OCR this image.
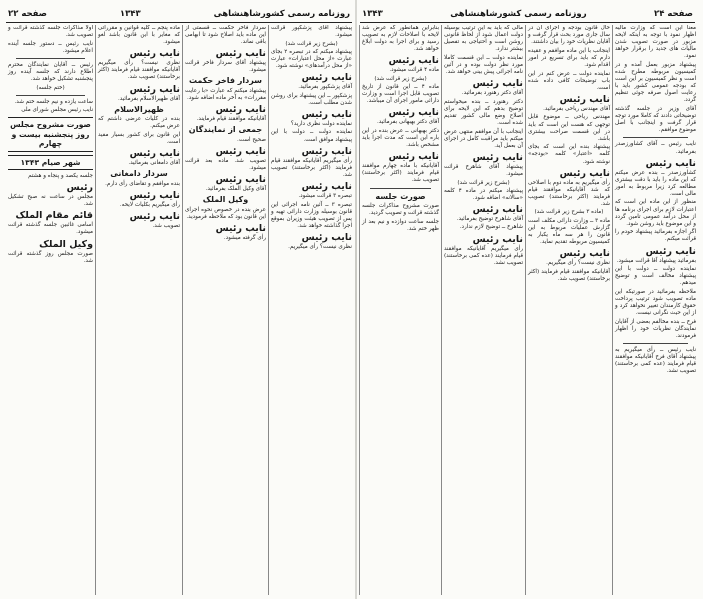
صفحه ۲۴
روزنامه رسمی کشورشاهنشاهی
۱۳۴۳
روزنامه رسمی کشورشاهنشاهی
۱۳۴۳
صفحه ۲۲
معنا این است که وزارت مالیه اظهار نمود با توجه به اینکه لایحه مزبور در صورت تصویب شدن مالیات های جدید را برقرار خواهد نمود.
پیشنهاد مزبور بعمل آمده و در کمیسیون مربوطه مطرح شده است و نظر کمیسیون بر این است که بودجه عمومی کشور باید با رعایت اصول صرفه جوئی تنظیم گردد.
آقای وزیر در جلسه گذشته توضیحاتی دادند که کاملا مورد توجه قرار گرفت و اینجانب با اصل موضوع موافقم.
نایب رئیس ــ آقای کشاورزصدر بفرمائید.
نایب رئیس
کشاورزصدر ــ بنده عرض میکنم که این ماده را باید با دقت بیشتری مطالعه کرد زیرا مربوط به امور مالی است.
منظور از این ماده این است که اعتبارات لازم برای اجرای برنامه ها از محل درآمد عمومی تامین گردد و این موضوع باید روشن شود.
اگر اجازه بفرمائید پیشنهاد خودم را قرائت میکنم.
نایب رئیس
بفرمائید پیشنهاد آقا قرائت میشود.
نماینده دولت ــ دولت با این پیشنهاد مخالف است و توضیح میدهم.
ملاحظه بفرمائید در صورتیکه این ماده تصویب شود ترتیب پرداخت حقوق کارمندان تغییر نخواهد کرد و از این حیث نگرانی نیست.
فرخ ــ بنده مخالفم بعضی از آقایان نمایندگان نظریات خود را اظهار فرمودند.
نایب رئیس ــ رأی میگیریم به پیشنهاد آقای فرخ آقایانیکه موافقند قیام فرمایند (عده کمی برخاستند) تصویب نشد.
حال قانون بودجه و اجرای آن در سال جاری مورد بحث قرار گرفت و آقایان نظریات خود را بیان داشتند.
اینجانب با این ماده موافقم و عقیده دارم که باید برای تسریع در امور اقدام شود.
نماینده دولت ــ عرض کنم در این باب توضیحات کافی داده شده است.
نایب رئیس
آقای مهندس ریاحی بفرمائید.
مهندس ریاحی ــ موضوع قابل توجهی که هست این است که باید در این قسمت صراحت بیشتری باشد.
پیشنهاد بنده این است که بجای کلمه «اعتبار» کلمه «بودجه» نوشته شود.
نایب رئیس
رأی میگیریم به ماده دوم با اصلاحی که شد آقایانیکه موافقند قیام فرمایند (اکثر برخاستند) تصویب شد.
(ماده ۳ بشرح زیر قرائت شد)
ماده ۳ ــ وزارت دارائی مکلف است گزارش عملیات مربوط به این قانون را هر سه ماه یکبار به کمیسیون مربوطه تقدیم نماید.
نایب رئیس
نظری نیست؟ رأی میگیریم.
آقایانیکه موافقند قیام فرمایند (اکثر برخاستند) تصویب شد.
مالی که باید به این ترتیب بوسیله دولت اعمال شود از لحاظ قانونی روشن است و احتیاجی به تفصیل بیشتر ندارد.
نماینده دولت ــ این قسمت کاملا مورد نظر دولت بوده و در آئین نامه اجرائی پیش بینی خواهد شد.
نایب رئیس
آقای دکتر رهنورد بفرمائید.
دکتر رهنورد ــ بنده میخواستم توضیح بدهم که این لایحه برای اصلاح وضع مالی کشور تقدیم شده است.
اینجانب با آن موافقم منتهی عرض میکنم باید مراقبت کامل در اجرای آن بعمل آید.
نایب رئیس
پیشنهاد آقای شاهرخ قرائت میشود.
(بشرح زیر قرائت شد)
پیشنهاد میکنم در ماده ۴ کلمه «سالانه» اضافه شود.
نایب رئیس
آقای شاهرخ توضیح بفرمائید.
شاهرخ ــ توضیح لازم ندارد.
نایب رئیس
رأی میگیریم آقایانیکه موافقند قیام فرمایند (عده کمی برخاستند) تصویب نشد.
بنابراین همانطور که عرض شد لایحه با اصلاحات لازم به تصویب رسید و برای اجرا به دولت ابلاغ خواهد شد.
نایب رئیس
ماده ۴ قرائت میشود.
(بشرح زیر قرائت شد)
ماده ۴ ــ این قانون از تاریخ تصویب قابل اجرا است و وزارت دارائی مامور اجرای آن میباشد.
نایب رئیس
آقای دکتر بهبهانی بفرمائید.
دکتر بهبهانی ــ عرض بنده در این باره این است که مدت اجرا باید مشخص باشد.
نایب رئیس
آقایانیکه با ماده چهارم موافقند قیام فرمایند (اکثر برخاستند) تصویب شد.
صورت جلسه
صورت مشروح مذاکرات جلسه گذشته قرائت و تصویب گردید.
جلسه ساعت دوازده و نیم بعد از ظهر ختم شد.
پیشنهاد آقای پزشکپور قرائت میشود.
(بشرح زیر قرائت شد)
پیشنهاد میکنم که در تبصره ۲ بجای عبارت «از محل اعتبارات» عبارت «از محل درآمدهای» نوشته شود.
نایب رئیس
آقای پزشکپور بفرمائید.
پزشکپور ــ این پیشنهاد برای روشن شدن مطلب است.
نایب رئیس
نماینده دولت نظری دارید؟
نماینده دولت ــ دولت با این پیشنهاد موافق است.
نایب رئیس
رأی میگیریم آقایانیکه موافقند قیام فرمایند (اکثر برخاستند) تصویب شد.
نایب رئیس
تبصره ۳ قرائت میشود.
تبصره ۳ ــ آئین نامه اجرائی این قانون بوسیله وزارت دارائی تهیه و پس از تصویب هیئت وزیران بموقع اجرا گذاشته خواهد شد.
نایب رئیس
نظری نیست؟ رأی میگیریم.
سردار فاخر حکمت ــ قسمتی از این ماده باید اصلاح شود تا ابهامی باقی نماند.
نایب رئیس
پیشنهاد آقای سردار فاخر قرائت میشود.
سردار فاخر حکمت
پیشنهاد میکنم که عبارت «با رعایت مقررات» به آخر ماده اضافه شود.
نایب رئیس
آقایانیکه موافقند قیام فرمایند.
جمعی از نمایندگان
صحیح است.
نایب رئیس
تصویب شد. ماده بعد قرائت میشود.
نایب رئیس
آقای وکیل الملک بفرمائید.
وکیل الملک
عرض بنده در خصوص نحوه اجرای این قانون بود که ملاحظه فرمودید.
نایب رئیس
رأی گرفته میشود.
ماده پنجم ــ کلیه قوانین و مقرراتی که مغایر با این قانون باشد لغو میشود.
نایب رئیس
نظری نیست؟ رأی میگیریم آقایانیکه موافقند قیام فرمایند (اکثر برخاستند) تصویب شد.
نایب رئیس
آقای ظهیرالاسلام بفرمائید.
ظهیرالاسلام
بنده در کلیات عرضی داشتم که عرض میکنم.
این قانون برای کشور بسیار مفید است.
نایب رئیس
آقای دامغانی بفرمائید.
سردار دامغانی
بنده موافقم و تقاضای رأی دارم.
نایب رئیس
رأی میگیریم بکلیات لایحه.
نایب رئیس
تصویب شد.
اولا مذاکرات جلسه گذشته قرائت و تصویب شد.
نایب رئیس ــ دستور جلسه آینده اعلام میشود.
رئیس ــ آقایان نمایندگان محترم اطلاع دارند که جلسه آینده روز پنجشنبه تشکیل خواهد شد.
(ختم جلسه)
ساعت یازده و نیم جلسه ختم شد.
نایب رئیس مجلس شورای ملی
صورت مشروح مجلس روز پنجشنبه بیست و چهارم
شهر صیام ۱۳۴۳
جلسه یکصد و پنجاه و هشتم
رئیس
مجلس در ساعت نه صبح تشکیل شد.
قائم مقام الملک
اسامی غائبین جلسه گذشته قرائت میشود.
وکیل الملک
صورت مجلس روز گذشته قرائت شد.
